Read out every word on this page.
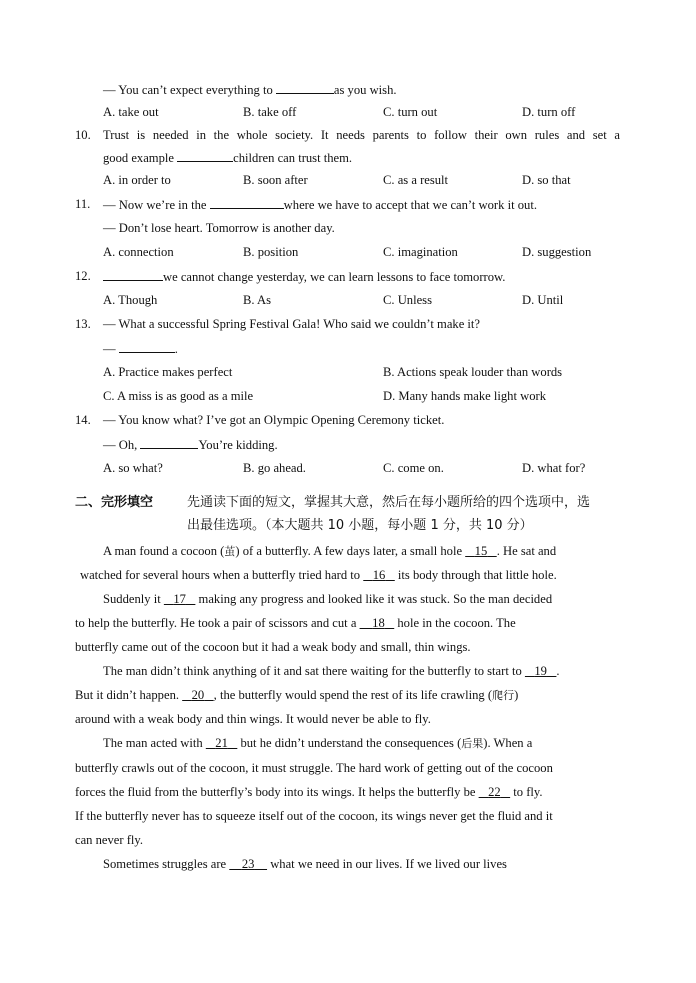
— You can’t expect everything to	as you wish.
A. take out	B. take off	C. turn out	D. turn off
10. Trust is needed in the whole society. It needs parents to follow their own rules and set a
good example	children can trust them.
A. in order to	B. soon after	C. as a result	D. so that
11. — Now we’re in the	where we have to accept that we can’t work it out.
— Don’t lose heart. Tomorrow is another day.
A. connection	B. position	C. imagination	D. suggestion
12.	we cannot change yesterday, we can learn lessons to face tomorrow.
A. Though	B. As	C. Unless	D. Until
13. — What a successful Spring Festival Gala! Who said we couldn’t make it?
—	.
A. Practice makes perfect	B. Actions speak louder than words
C. A miss is as good as a mile	D. Many hands make light work
14. — You know what? I’ve got an Olympic Opening Ceremony ticket.
— Oh,	You’re kidding.
A. so what?	B. go ahead.	C. come on.	D. what for?
二、完形填空	先通读下面的短文，掌握其大意，然后在每小题所给的四个选项中，选
出最佳选项。（本大题共 10 小题，每小题 1 分，共 10 分）
A man found a cocoon (茧) of a butterfly. A few days later, a small hole    15 . He sat and
watched for several hours when a butterfly tried hard to    16    its body through that little hole.
Suddenly it    17    making any progress and looked like it was stuck. So the man decided
to help the butterfly. He took a pair of scissors and cut a     18    hole in the cocoon. The
butterfly came out of the cocoon but it had a weak body and small, thin wings.
The man didn’t think anything of it and sat there waiting for the butterfly to start to    19 .
But it didn’t happen.    20 , the butterfly would spend the rest of its life crawling (爬行)
around with a weak body and thin wings. It would never be able to fly.
The man acted with    21    but he didn’t understand the consequences (后果). When a
butterfly crawls out of the cocoon, it must struggle. The hard work of getting out of the cocoon
forces the fluid from the butterfly’s body into its wings. It helps the butterfly be    22    to fly.
If the butterfly never has to squeeze itself out of the cocoon, its wings never get the fluid and it
can never fly.
Sometimes struggles are     23     what we need in our lives. If we lived our lives
